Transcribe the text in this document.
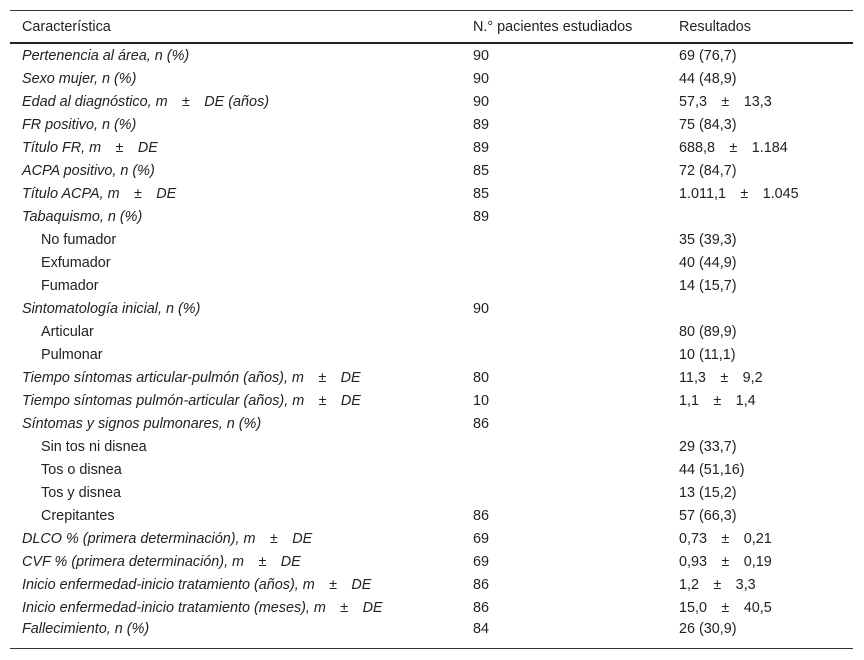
Característica	N.° pacientes estudiados	Resultados
Pertenencia al área, n (%)	90	69 (76,7)
Sexo mujer, n (%)	90	44 (48,9)
Edad al diagnóstico, m ± DE (años)	90	57,3 ± 13,3
FR positivo, n (%)	89	75 (84,3)
Título FR, m ± DE	89	688,8 ± 1.184
ACPA positivo, n (%)	85	72 (84,7)
Título ACPA, m ± DE	85	1.011,1 ± 1.045
Tabaquismo, n (%)	89	
No fumador		35 (39,3)
Exfumador		40 (44,9)
Fumador		14 (15,7)
Sintomatología inicial, n (%)	90	
Articular		80 (89,9)
Pulmonar		10 (11,1)
Tiempo síntomas articular-pulmón (años), m ± DE	80	11,3 ± 9,2
Tiempo síntomas pulmón-articular (años), m ± DE	10	1,1 ± 1,4
Síntomas y signos pulmonares, n (%)	86	
Sin tos ni disnea		29 (33,7)
Tos o disnea		44 (51,16)
Tos y disnea		13 (15,2)
Crepitantes	86	57 (66,3)
DLCO % (primera determinación), m ± DE	69	0,73 ± 0,21
CVF % (primera determinación), m ± DE	69	0,93 ± 0,19
Inicio enfermedad-inicio tratamiento (años), m ± DE	86	1,2 ± 3,3
Inicio enfermedad-inicio tratamiento (meses), m ± DE	86	15,0 ± 40,5
Fallecimiento, n (%)	84	26 (30,9)
